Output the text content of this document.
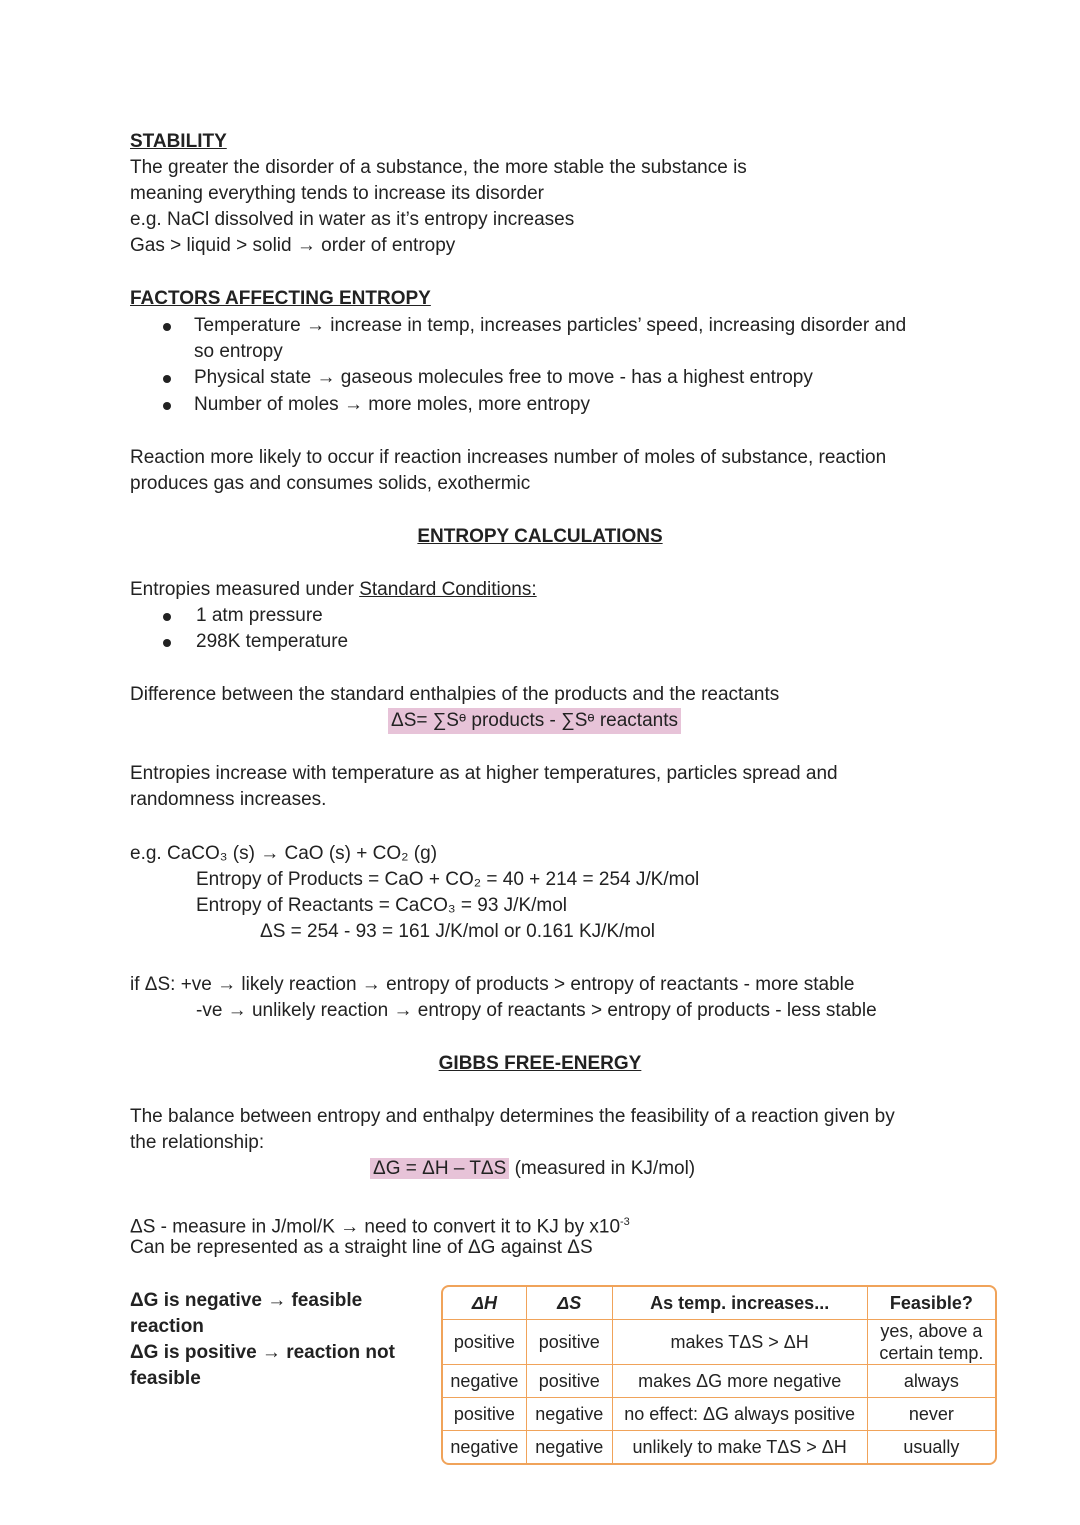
STABILITY
The greater the disorder of a substance, the more stable the substance is
meaning everything tends to increase its disorder
e.g. NaCl dissolved in water as it’s entropy increases
Gas > liquid > solid → order of entropy
FACTORS AFFECTING ENTROPY
Temperature → increase in temp, increases particles’ speed, increasing disorder and
so entropy
Physical state → gaseous molecules free to move - has a highest entropy
Number of moles → more moles, more entropy
Reaction more likely to occur if reaction increases number of moles of substance, reaction
produces gas and consumes solids, exothermic
ENTROPY CALCULATIONS
Entropies measured under Standard Conditions:
1 atm pressure
298K temperature
Difference between the standard enthalpies of the products and the reactants
ΔS= ∑Sᶱ products - ∑Sᶱ reactants
Entropies increase with temperature as at higher temperatures, particles spread and
randomness increases.
e.g. CaCO₃ (s) → CaO (s) + CO₂ (g)
Entropy of Products = CaO + CO₂ = 40 + 214 = 254 J/K/mol
Entropy of Reactants = CaCO₃ = 93 J/K/mol
ΔS = 254 - 93 = 161 J/K/mol or 0.161 KJ/K/mol
if ΔS: +ve → likely reaction → entropy of products > entropy of reactants - more stable
-ve → unlikely reaction → entropy of reactants > entropy of products - less stable
GIBBS FREE-ENERGY
The balance between entropy and enthalpy determines the feasibility of a reaction given by
the relationship:
ΔG = ΔH – TΔS (measured in KJ/mol)
ΔS - measure in J/mol/K → need to convert it to KJ by $x10^{-3}$
Can be represented as a straight line of ΔG against ΔS
ΔG is negative → feasible
reaction
ΔG is positive → reaction not
feasible
ΔH	ΔS	As temp. increases...	Feasible?
positive	positive	makes TΔS > ΔH	yes, above a certain temp.
negative	positive	makes ΔG more negative	always
positive	negative	no effect: ΔG always positive	never
negative	negative	unlikely to make TΔS > ΔH	usually
